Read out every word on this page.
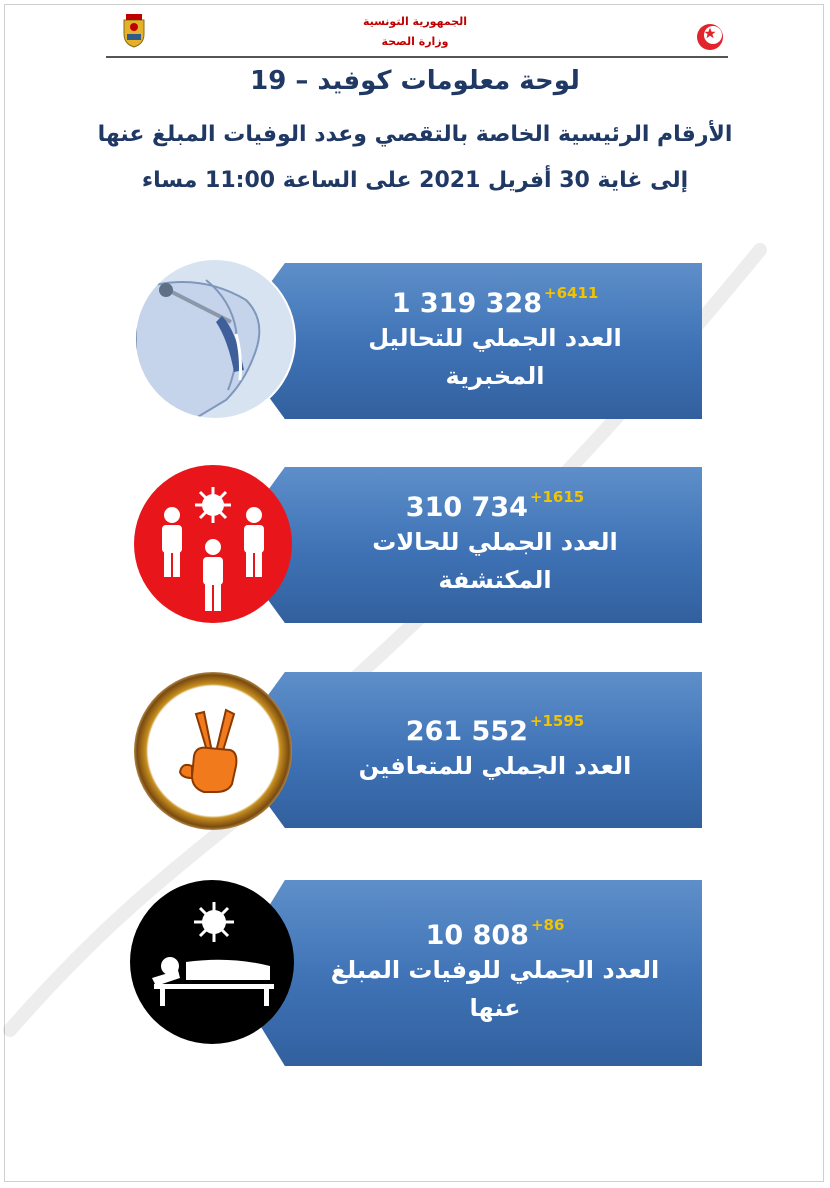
الجمهورية التونسية
وزارة الصحة
لوحة معلومات كوفيد – 19
الأرقام الرئيسية الخاصة بالتقصي وعدد الوفيات المبلغ عنها
إلى غاية 30 أفريل 2021 على الساعة 11:00 مساء
1 319 328 +6411
العدد الجملي للتحاليل
المخبرية
310 734 +1615
العدد الجملي للحالات
المكتشفة
261 552 +1595
العدد الجملي للمتعافين
10 808 +86
العدد الجملي للوفيات المبلغ
عنها
